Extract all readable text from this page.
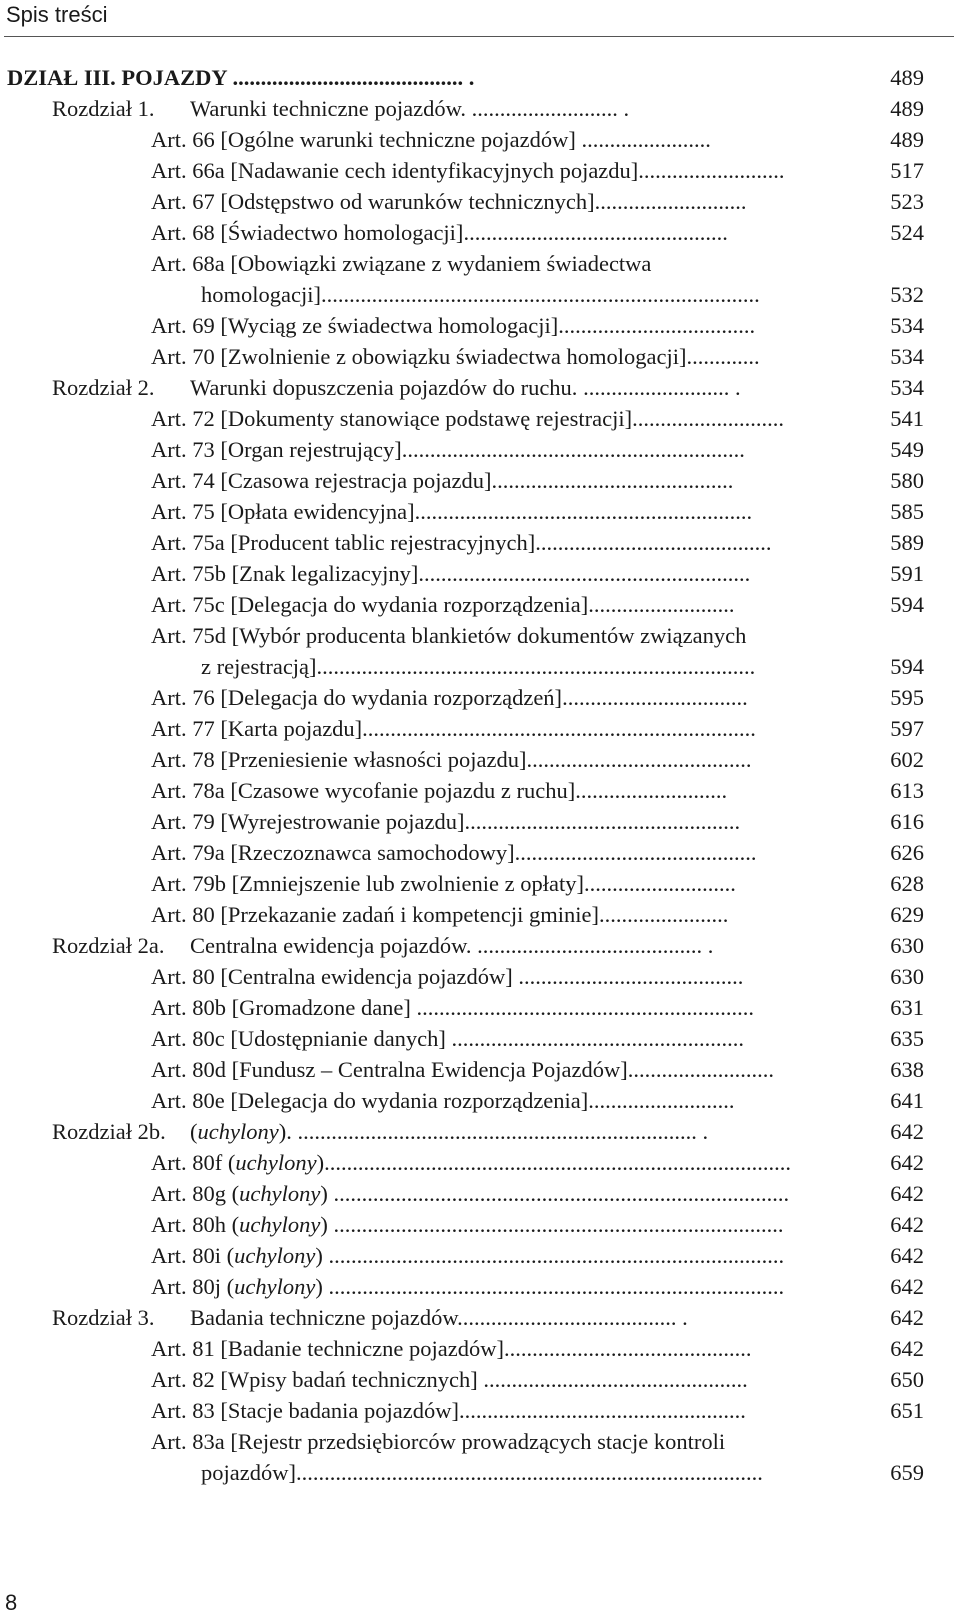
Spis treści
DZIAŁ III. POJAZDY ......................................... .	489
Rozdział 1. Warunki techniczne pojazdów. .......................... .	489
Art. 66 [Ogólne warunki techniczne pojazdów] .......................	489
Art. 66a [Nadawanie cech identyfikacyjnych pojazdu]..........................	517
Art. 67 [Odstępstwo od warunków technicznych]...........................	523
Art. 68 [Świadectwo homologacji]...............................................	524
Art. 68a [Obowiązki związane z wydaniem świadectwa
homologacji]..............................................................................	532
Art. 69 [Wyciąg ze świadectwa homologacji]...................................	534
Art. 70 [Zwolnienie z obowiązku świadectwa homologacji].............	534
Rozdział 2. Warunki dopuszczenia pojazdów do ruchu. .......................... .	534
Art. 72 [Dokumenty stanowiące podstawę rejestracji]...........................	541
Art. 73 [Organ rejestrujący].............................................................	549
Art. 74 [Czasowa rejestracja pojazdu]...........................................	580
Art. 75 [Opłata ewidencyjna]............................................................	585
Art. 75a [Producent tablic rejestracyjnych]..........................................	589
Art. 75b [Znak legalizacyjny]...........................................................	591
Art. 75c [Delegacja do wydania rozporządzenia]..........................	594
Art. 75d [Wybór producenta blankietów dokumentów związanych
z rejestracją]..............................................................................	594
Art. 76 [Delegacja do wydania rozporządzeń].................................	595
Art. 77 [Karta pojazdu]......................................................................	597
Art. 78 [Przeniesienie własności pojazdu]........................................	602
Art. 78a [Czasowe wycofanie pojazdu z ruchu]...........................	613
Art. 79 [Wyrejestrowanie pojazdu].................................................	616
Art. 79a [Rzeczoznawca samochodowy]...........................................	626
Art. 79b [Zmniejszenie lub zwolnienie z opłaty]...........................	628
Art. 80 [Przekazanie zadań i kompetencji gminie].......................	629
Rozdział 2a. Centralna ewidencja pojazdów. ........................................ .	630
Art. 80 [Centralna ewidencja pojazdów] ........................................	630
Art. 80b [Gromadzone dane] ............................................................	631
Art. 80c [Udostępnianie danych] ....................................................	635
Art. 80d [Fundusz – Centralna Ewidencja Pojazdów]..........................	638
Art. 80e [Delegacja do wydania rozporządzenia]..........................	641
Rozdział 2b. (uchylony). ....................................................................... .	642
Art. 80f (uchylony)...................................................................................	642
Art. 80g (uchylony) .................................................................................	642
Art. 80h (uchylony) ................................................................................	642
Art. 80i (uchylony) .................................................................................	642
Art. 80j (uchylony) .................................................................................	642
Rozdział 3. Badania techniczne pojazdów....................................... .	642
Art. 81 [Badanie techniczne pojazdów]............................................	642
Art. 82 [Wpisy badań technicznych] ...............................................	650
Art. 83 [Stacje badania pojazdów]...................................................	651
Art. 83a [Rejestr przedsiębiorców prowadzących stacje kontroli
pojazdów]...................................................................................	659
8
